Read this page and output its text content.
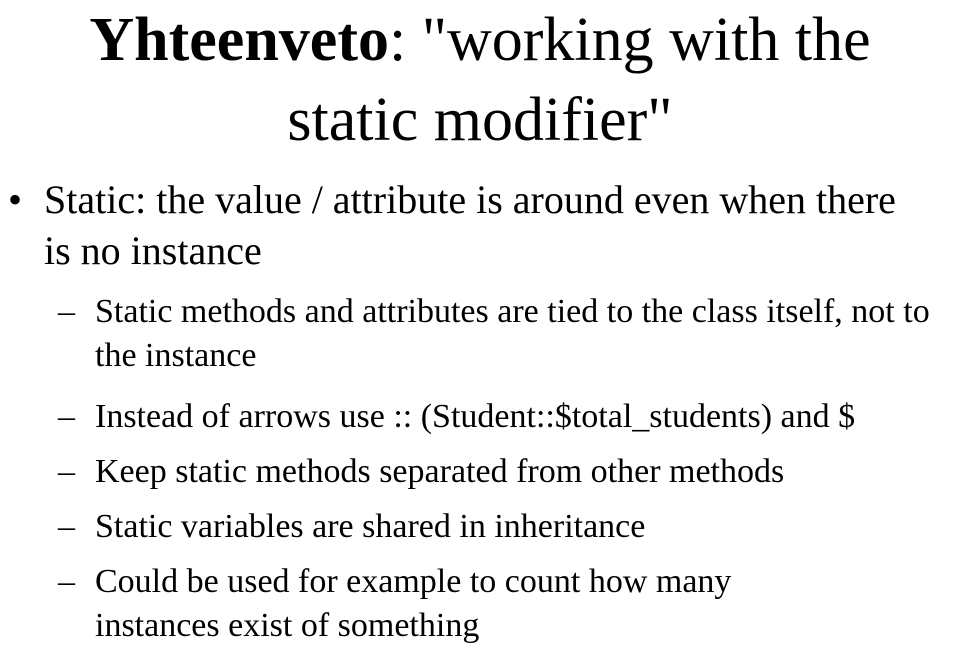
Yhteenveto: "working with the static modifier"
• Static: the value / attribute is around even when there is no instance
– Static methods and attributes are tied to the class itself, not to the instance
– Instead of arrows use :: (Student::$total_students) and $
– Keep static methods separated from other methods
– Static variables are shared in inheritance
– Could be used for example to count how many instances exist of something
